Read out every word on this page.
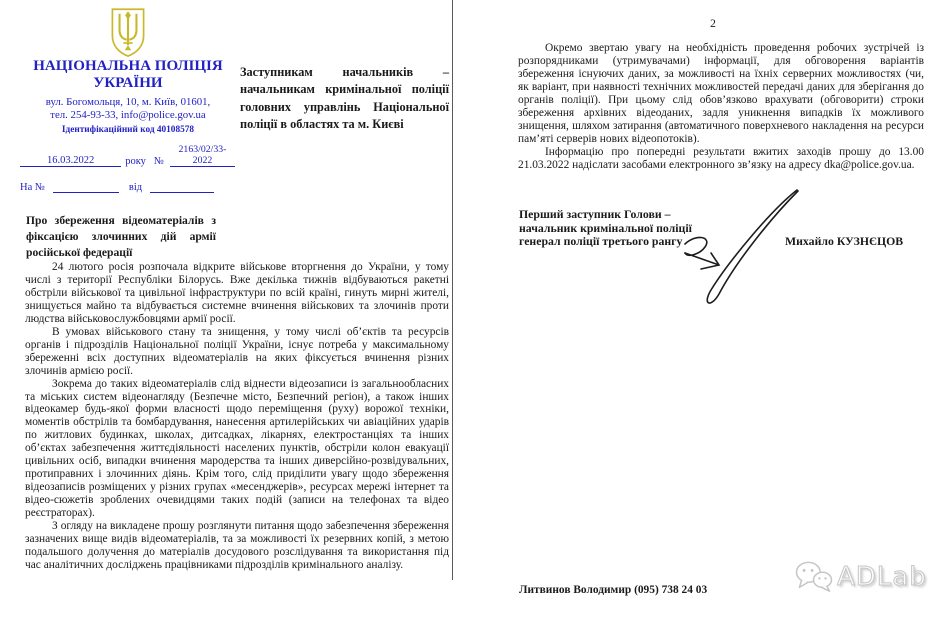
НАЦІОНАЛЬНА ПОЛІЦІЯ
УКРАЇНИ
вул. Богомольця, 10, м. Київ, 01601,
тел. 254-93-33, info@police.gov.ua
Ідентифікаційний код 40108578
16.03.2022	року №
2163/02/33-2022
На №	від
Заступникам начальників – начальникам кримінальної поліції головних управлінь Національної поліції в областях та м. Києві
Про збереження відеоматеріалів з фіксацією злочинних дій армії російської федерації

24 лютого росія розпочала відкрите військове вторгнення до України, у тому числі з території Республіки Білорусь. Вже декілька тижнів відбуваються ракетні обстріли військової та цивільної інфраструктури по всій країні, гинуть мирні жителі, знищується майно та відбувається системне вчинення військових та злочинів проти людства військовослужбовцями армії росії.

В умовах військового стану та знищення, у тому числі об’єктів та ресурсів органів і підрозділів Національної поліції України, існує потреба у максимальному збереженні всіх доступних відеоматеріалів на яких фіксується вчинення різних злочинів армією росії.

Зокрема до таких відеоматеріалів слід віднести відеозаписи із загальнообласних та міських систем відеонагляду (Безпечне місто, Безпечний регіон), а також інших відеокамер будь-якої форми власності щодо переміщення (руху) ворожої техніки, моментів обстрілів та бомбардування, нанесення артилерійських чи авіаційних ударів по житлових будинках, школах, дитсадках, лікарнях, електростанціях та інших об’єктах забезпечення життєдіяльності населених пунктів, обстріли колон евакуації цивільних осіб, випадки вчинення мародерства та інших диверсійно-розвідувальних, протиправних і злочинних діянь. Крім того, слід приділити увагу щодо збереження відеозаписів розміщених у різних групах «месенджерів», ресурсах мережі інтернет та відео-сюжетів зроблених очевидцями таких подій (записи на телефонах та відео реєстраторах).

З огляду на викладене прошу розглянути питання щодо забезпечення збереження зазначених вище видів відеоматеріалів, та за можливості їх резервних копій, з метою подальшого долучення до матеріалів досудового розслідування та використання під час аналітичних досліджень працівниками підрозділів кримінального аналізу.

2

Окремо звертаю увагу на необхідність проведення робочих зустрічей із розпорядниками (утримувачами) інформації, для обговорення варіантів збереження існуючих даних, за можливості на їхніх серверних можливостях (чи, як варіант, при наявності технічних можливостей передачі даних для зберігання до органів поліції). При цьому слід обов’язково врахувати (обговорити) строки збереження архівних відеоданих, задля уникнення випадків їх можливого знищення, шляхом затирання (автоматичного поверхневого накладення на ресурси пам’яті серверів нових відеопотоків).

Інформацію про попередні результати вжитих заходів прошу до 13.00 21.03.2022 надіслати засобами електронного зв’язку на адресу dka@police.gov.ua.

Перший заступник Голови –
начальник кримінальної поліції
генерал поліції третього рангу	Михайло КУЗНЄЦОВ
Литвинов Володимир (095) 738 24 03	ADLab
